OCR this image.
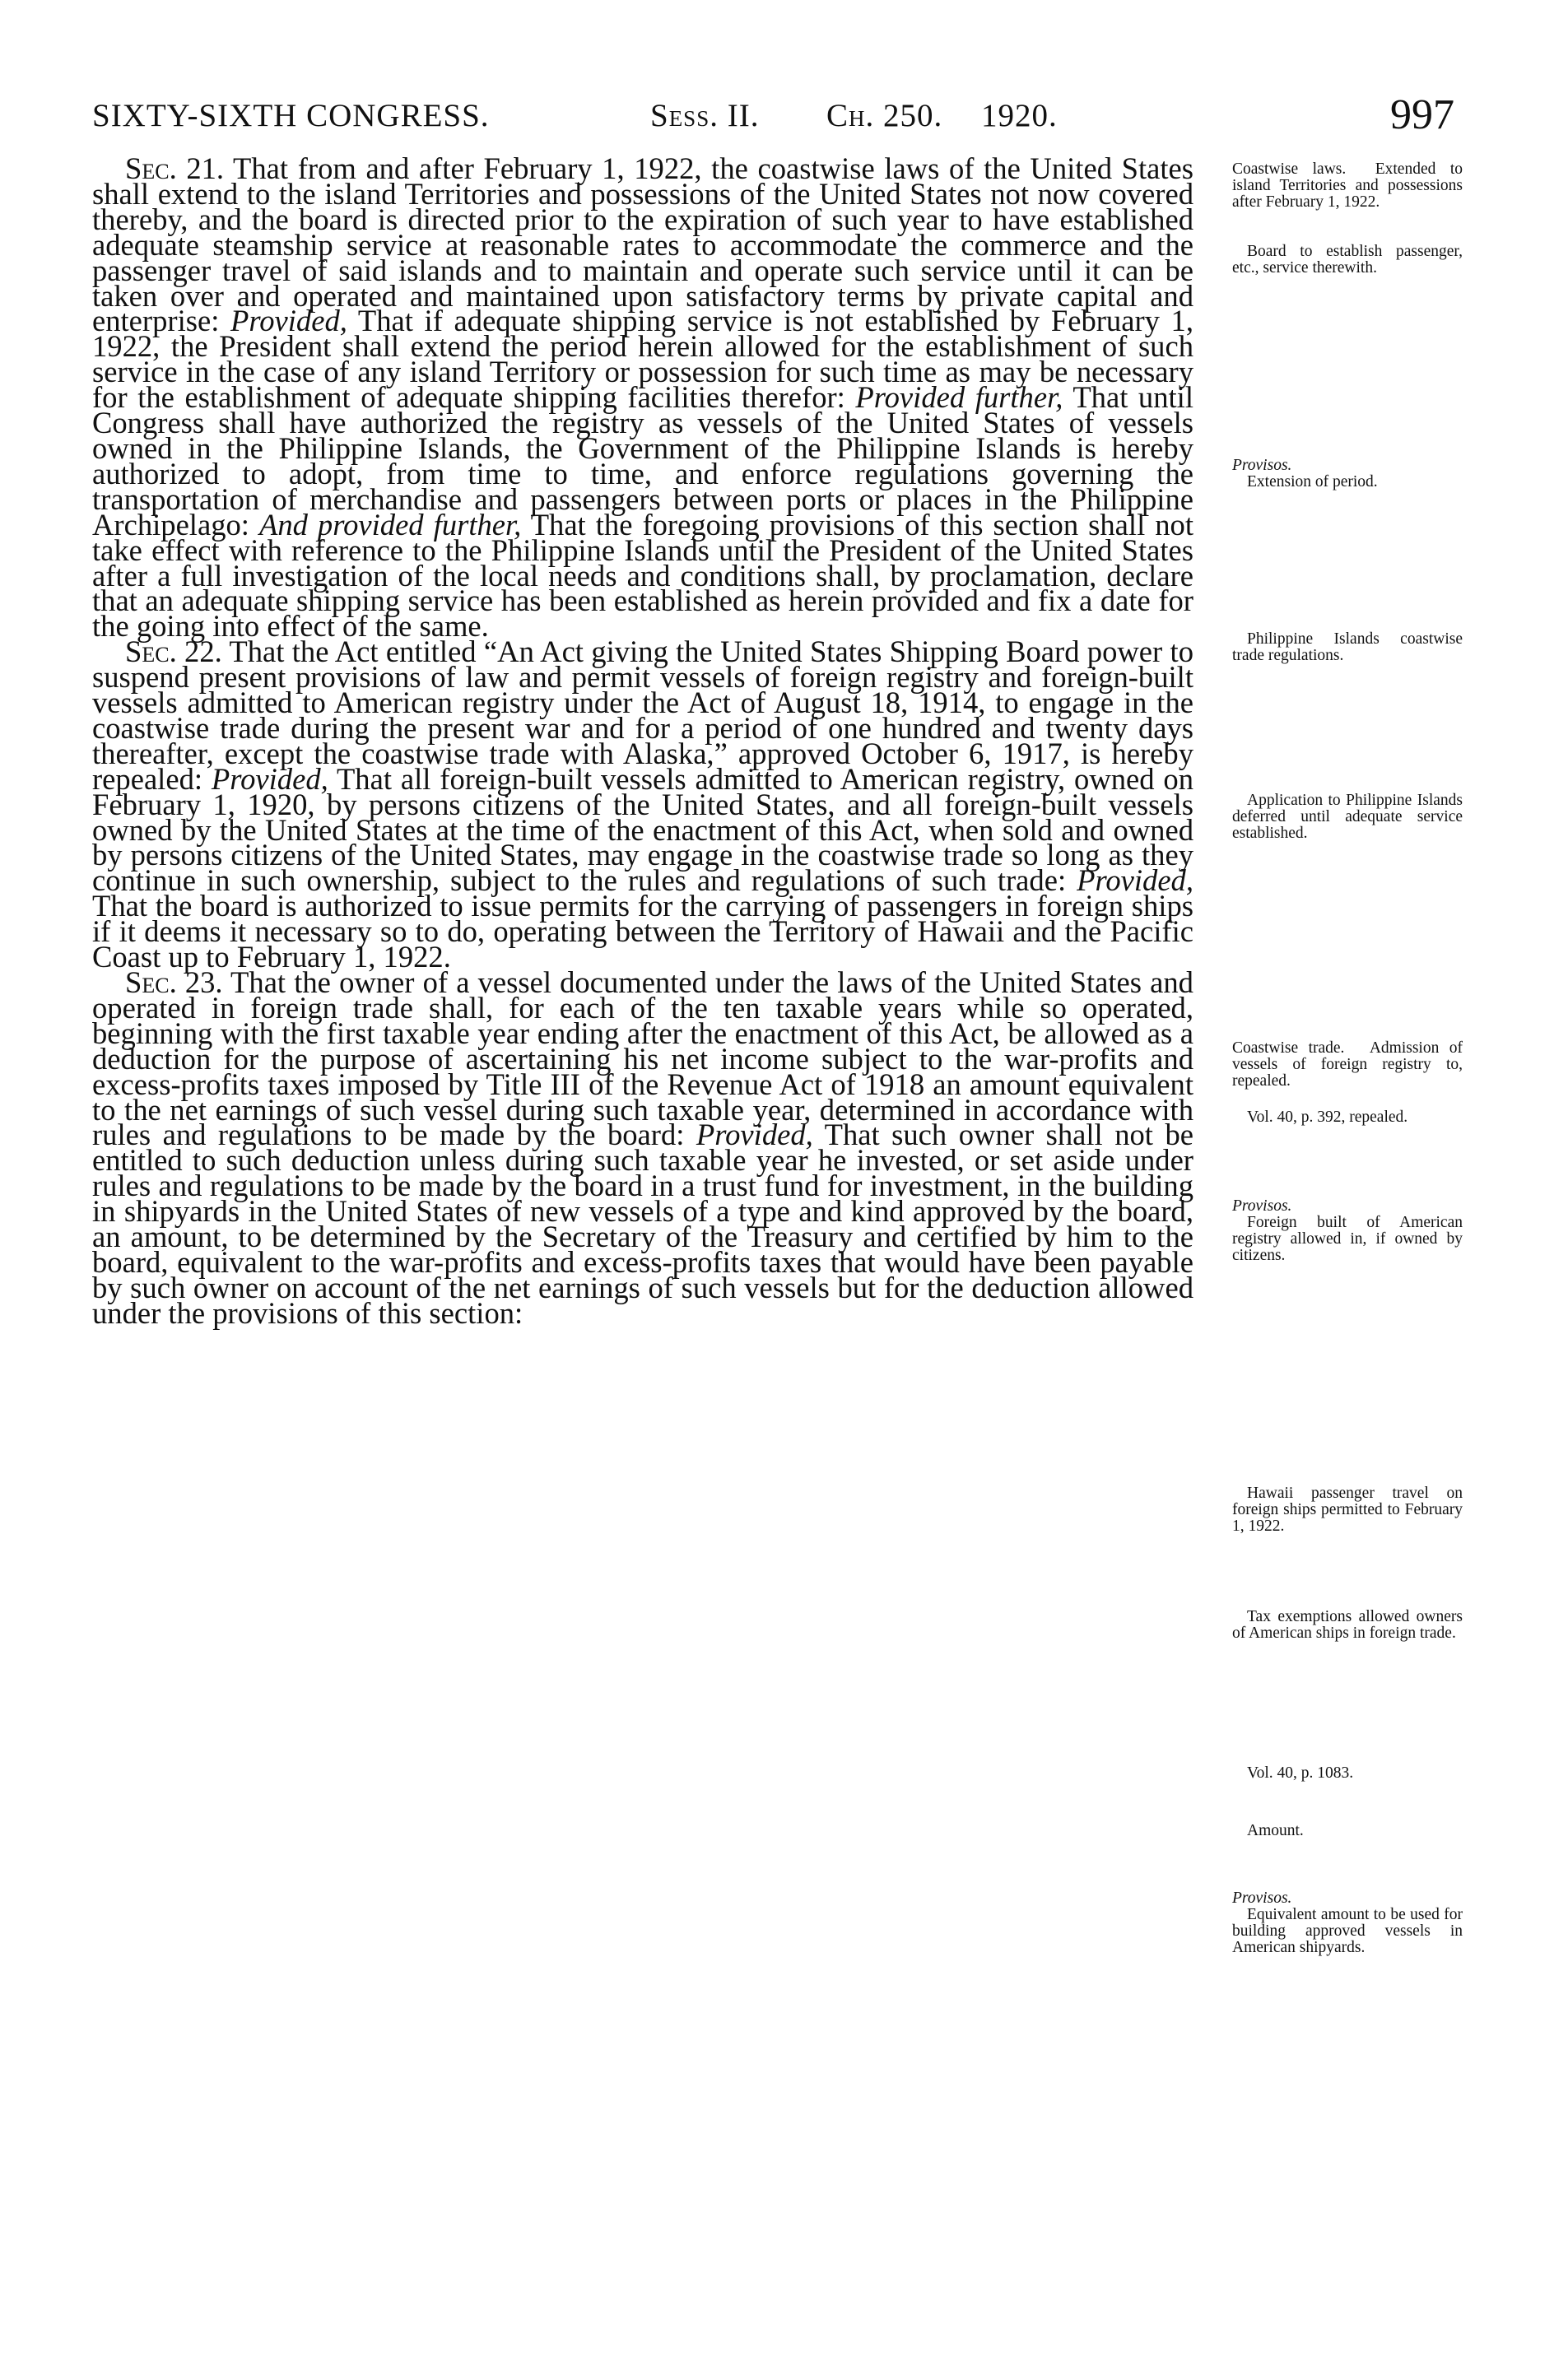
SIXTY-SIXTH CONGRESS.	Sess. II. Ch. 250. 1920.	997

Sec. 21. That from and after February 1, 1922, the coastwise laws of the United States shall extend to the island Territories and possessions of the United States not now covered thereby, and the board is directed prior to the expiration of such year to have established adequate steamship service at reasonable rates to accommodate the commerce and the passenger travel of said islands and to maintain and operate such service until it can be taken over and operated and maintained upon satisfactory terms by private capital and enterprise: Provided, That if adequate shipping service is not established by February 1, 1922, the President shall extend the period herein allowed for the establishment of such service in the case of any island Territory or possession for such time as may be necessary for the establishment of adequate shipping facilities therefor: Provided further, That until Congress shall have authorized the registry as vessels of the United States of vessels owned in the Philippine Islands, the Government of the Philippine Islands is hereby authorized to adopt, from time to time, and enforce regulations governing the transportation of merchandise and passengers between ports or places in the Philippine Archipelago: And provided further, That the foregoing provisions of this section shall not take effect with reference to the Philippine Islands until the President of the United States after a full investigation of the local needs and conditions shall, by proclamation, declare that an adequate shipping service has been established as herein provided and fix a date for the going into effect of the same.

Sec. 22. That the Act entitled “An Act giving the United States Shipping Board power to suspend present provisions of law and permit vessels of foreign registry and foreign-built vessels admitted to American registry under the Act of August 18, 1914, to engage in the coastwise trade during the present war and for a period of one hundred and twenty days thereafter, except the coastwise trade with Alaska,” approved October 6, 1917, is hereby repealed: Provided, That all foreign-built vessels admitted to American registry, owned on February 1, 1920, by persons citizens of the United States, and all foreign-built vessels owned by the United States at the time of the enactment of this Act, when sold and owned by persons citizens of the United States, may engage in the coastwise trade so long as they continue in such ownership, subject to the rules and regulations of such trade: Provided, That the board is authorized to issue permits for the carrying of passengers in foreign ships if it deems it necessary so to do, operating between the Territory of Hawaii and the Pacific Coast up to February 1, 1922.

Sec. 23. That the owner of a vessel documented under the laws of the United States and operated in foreign trade shall, for each of the ten taxable years while so operated, beginning with the first taxable year ending after the enactment of this Act, be allowed as a deduction for the purpose of ascertaining his net income subject to the war-profits and excess-profits taxes imposed by Title III of the Revenue Act of 1918 an amount equivalent to the net earnings of such vessel during such taxable year, determined in accordance with rules and regulations to be made by the board: Provided, That such owner shall not be entitled to such deduction unless during such taxable year he invested, or set aside under rules and regulations to be made by the board in a trust fund for investment, in the building in shipyards in the United States of new vessels of a type and kind approved by the board, an amount, to be determined by the Secretary of the Treasury and certified by him to the board, equivalent to the war-profits and excess-profits taxes that would have been payable by such owner on account of the net earnings of such vessels but for the deduction allowed under the provisions of this section:

Coastwise laws. Extended to island Territories and possessions after February 1, 1922.
Board to establish passenger, etc., service therewith.
Provisos.
Extension of period.
Philippine Islands coastwise trade regulations.
Application to Philippine Islands deferred until adequate service established.
Coastwise trade. Admission of vessels of foreign registry to, repealed.
Vol. 40, p. 392, repealed.
Provisos.
Foreign built of American registry allowed in, if owned by citizens.
Hawaii passenger travel on foreign ships permitted to February 1, 1922.
Tax exemptions allowed owners of American ships in foreign trade.
Vol. 40, p. 1083.
Amount.
Provisos.
Equivalent amount to be used for building approved vessels in American shipyards.
